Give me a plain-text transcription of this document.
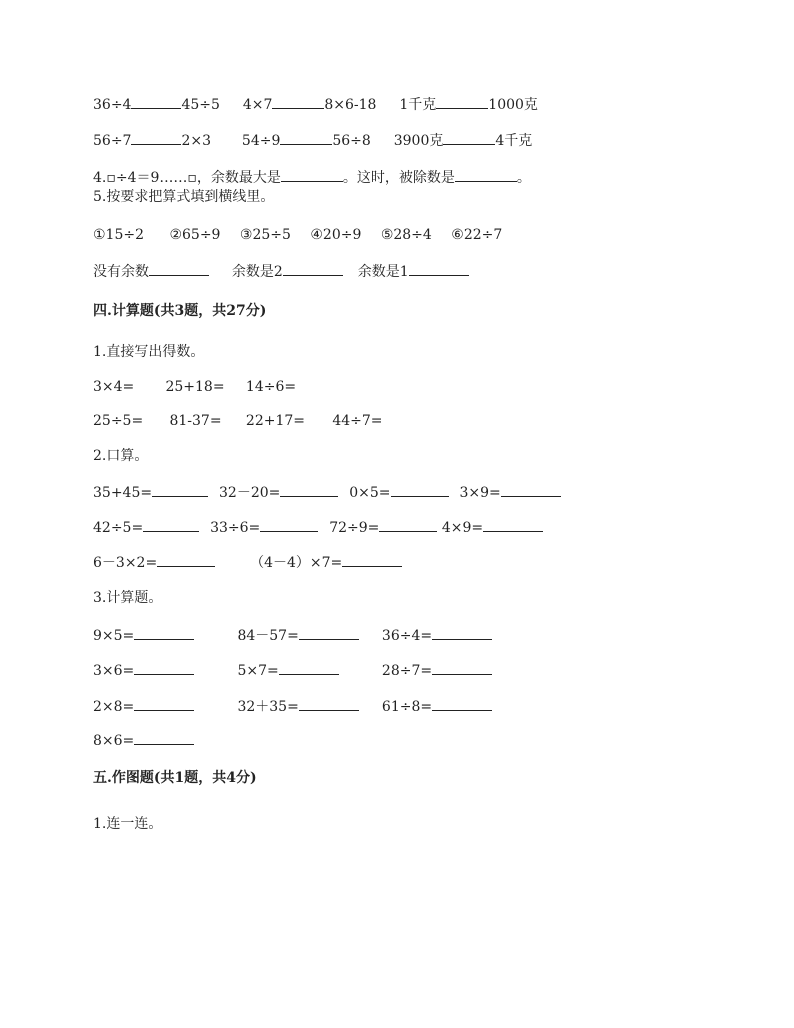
36÷4	45÷5 4×7	8×6-18 1千克	1000克
56÷7	2×3 54÷9	56÷8 3900克	4千克
4.▫÷4＝9……▫，余数最大是	。这时，被除数是	。
5.按要求把算式填到横线里。
①15÷2 ②65÷9 ③25÷5 ④20÷9 ⑤28÷4 ⑥22÷7
没有余数	余数是2	余数是1
四.计算题(共3题，共27分)
1.直接写出得数。
3×4= 25+18= 14÷6=
25÷5= 81-37= 22+17= 44÷7=
2.口算。
35+45=	32－20=	0×5=	3×9=
42÷5=	33÷6=	72÷9=	4×9=
6－3×2=	（4－4）×7=
3.计算题。
9×5=	84－57=	36÷4=
3×6=	5×7=	28÷7=
2×8=	32＋35=	61÷8=
8×6=
五.作图题(共1题，共4分)
1.连一连。
